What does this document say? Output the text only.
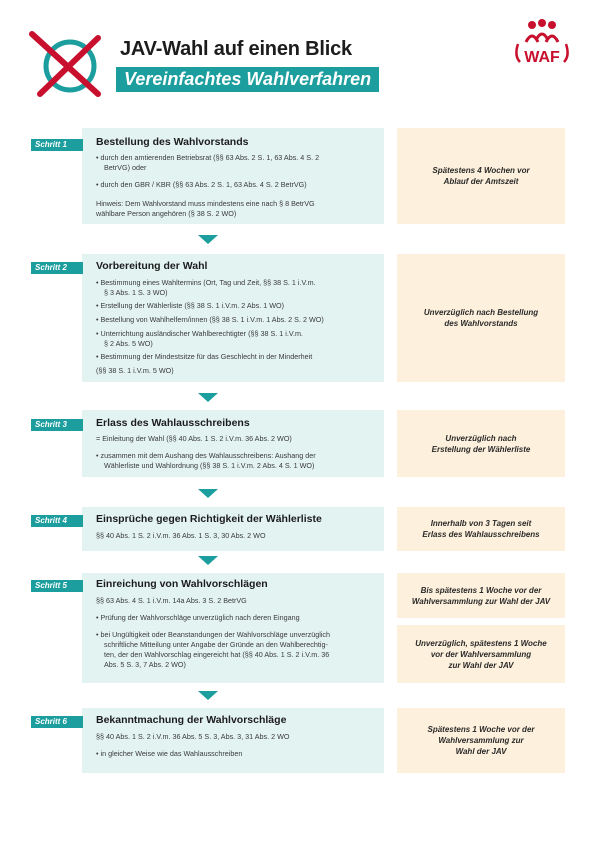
JAV-Wahl auf einen Blick
Vereinfachtes Wahlverfahren
WAF
Schritt 1	Bestellung des Wahlvorstands
• durch den amtierenden Betriebsrat (§§ 63 Abs. 2 S. 1, 63 Abs. 4 S. 2
BetrVG) oder
• durch den GBR / KBR (§§ 63 Abs. 2 S. 1, 63 Abs. 4 S. 2 BetrVG)
Hinweis: Dem Wahlvorstand muss mindestens eine nach § 8 BetrVG
wählbare Person angehören (§ 38 S. 2 WO)
Spätestens 4 Wochen vor
Ablauf der Amtszeit
Schritt 2	Vorbereitung der Wahl
• Bestimmung eines Wahltermins (Ort, Tag und Zeit, §§ 38 S. 1 i.V.m.
§ 3 Abs. 1 S. 3 WO)
• Erstellung der Wählerliste (§§ 38 S. 1 i.V.m. 2 Abs. 1 WO)
• Bestellung von Wahlhelfern/innen (§§ 38 S. 1 i.V.m. 1 Abs. 2 S. 2 WO)
• Unterrichtung ausländischer Wahlberechtigter (§§ 38 S. 1 i.V.m.
§ 2 Abs. 5 WO)
• Bestimmung der Mindestsitze für das Geschlecht in der Minderheit
(§§ 38 S. 1 i.V.m. 5 WO)
Unverzüglich nach Bestellung
des Wahlvorstands
Schritt 3	Erlass des Wahlausschreibens
= Einleitung der Wahl (§§ 40 Abs. 1 S. 2 i.V.m. 36 Abs. 2 WO)
• zusammen mit dem Aushang des Wahlausschreibens: Aushang der
Wählerliste und Wahlordnung (§§ 38 S. 1 i.V.m. 2 Abs. 4 S. 1 WO)
Unverzüglich nach
Erstellung der Wählerliste
Schritt 4	Einsprüche gegen Richtigkeit der Wählerliste
§§ 40 Abs. 1 S. 2 i.V.m. 36 Abs. 1 S. 3, 30 Abs. 2 WO
Innerhalb von 3 Tagen seit
Erlass des Wahlausschreibens
Schritt 5	Einreichung von Wahlvorschlägen
§§ 63 Abs. 4 S. 1 i.V.m. 14a Abs. 3 S. 2 BetrVG
• Prüfung der Wahlvorschläge unverzüglich nach deren Eingang
• bei Ungültigkeit oder Beanstandungen der Wahlvorschläge unverzüglich
schriftliche Mitteilung unter Angabe der Gründe an den Wahlberechtig-
ten, der den Wahlvorschlag eingereicht hat (§§ 40 Abs. 1 S. 2 i.V.m. 36
Abs. 5 S. 3, 7 Abs. 2 WO)
Bis spätestens 1 Woche vor der
Wahlversammlung zur Wahl der JAV
Unverzüglich, spätestens 1 Woche
vor der Wahlversammlung
zur Wahl der JAV
Schritt 6	Bekanntmachung der Wahlvorschläge
§§ 40 Abs. 1 S. 2 i.V.m. 36 Abs. 5 S. 3, Abs. 3, 31 Abs. 2 WO
• in gleicher Weise wie das Wahlausschreiben
Spätestens 1 Woche vor der
Wahlversammlung zur
Wahl der JAV
